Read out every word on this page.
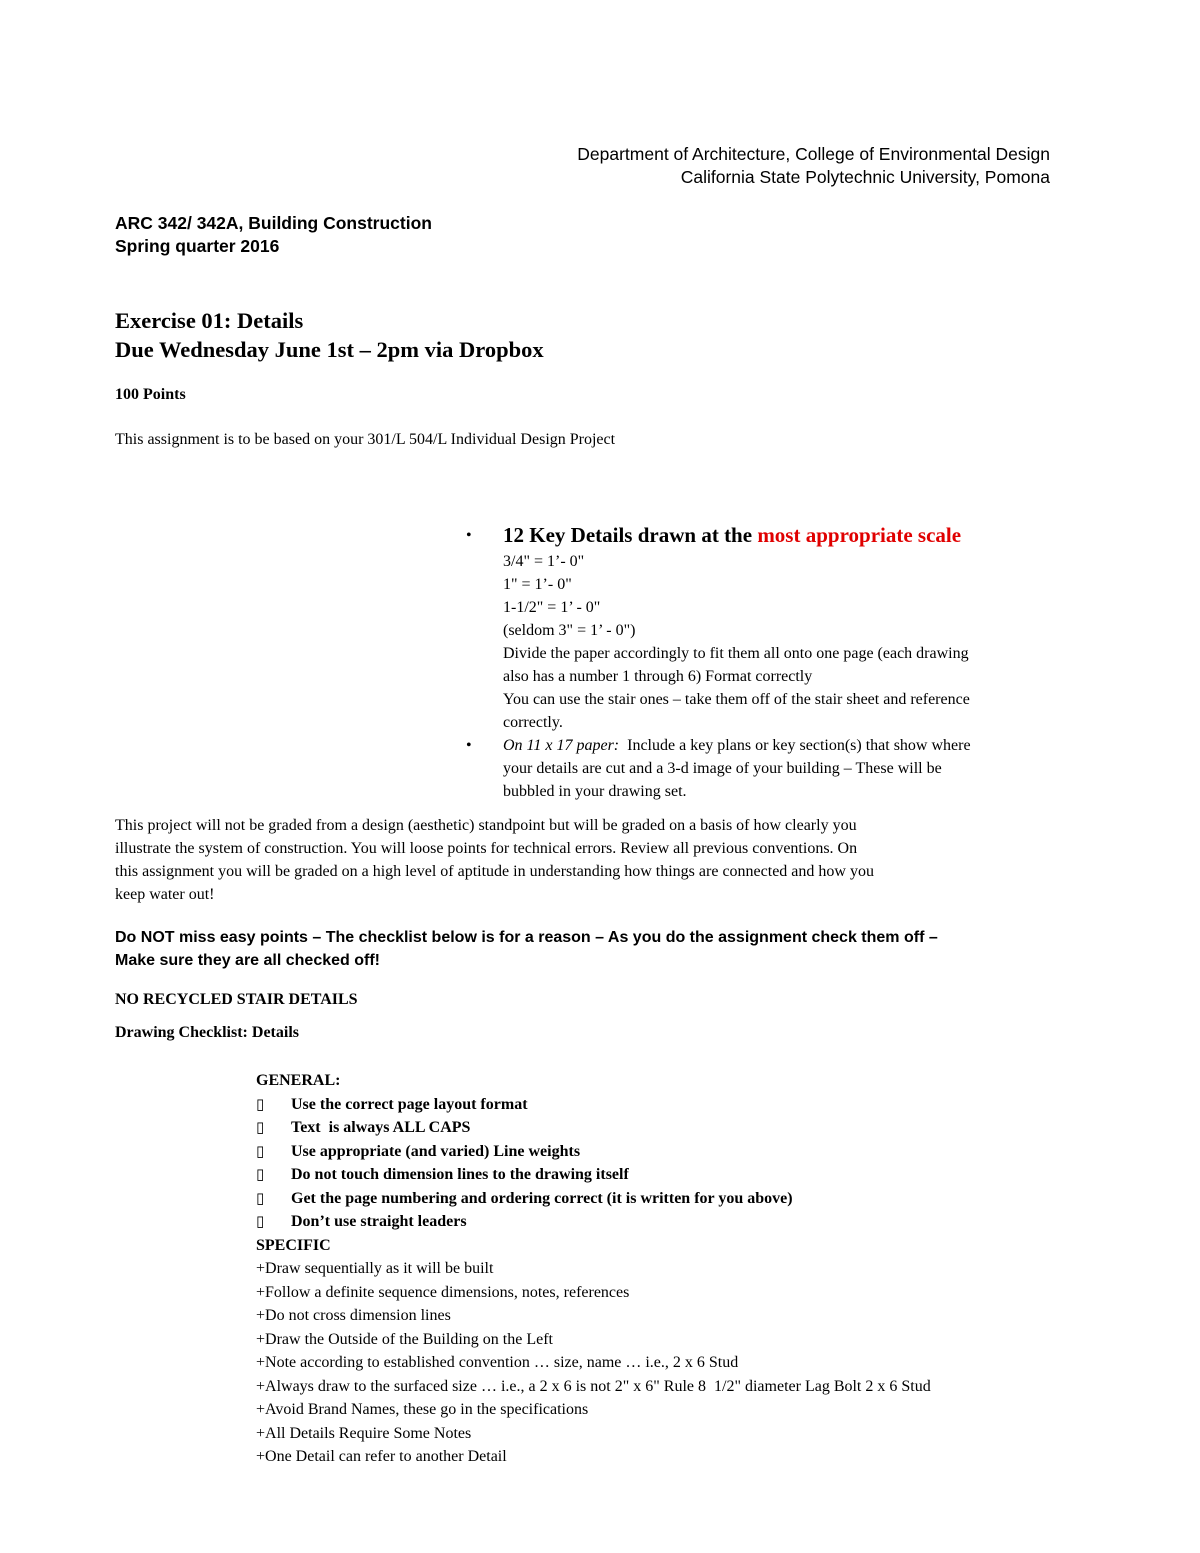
Department of Architecture, College of Environmental Design
California State Polytechnic University, Pomona
ARC 342/ 342A, Building Construction
Spring quarter 2016
Exercise 01: Details
Due Wednesday June 1st – 2pm via Dropbox
100 Points
This assignment is to be based on your 301/L 504/L Individual Design Project
• 12 Key Details drawn at the most appropriate scale
3/4" = 1’- 0"
1" = 1’- 0"
1-1/2" = 1’ - 0"
(seldom 3" = 1’ - 0")
Divide the paper accordingly to fit them all onto one page (each drawing
also has a number 1 through 6) Format correctly
You can use the stair ones – take them off of the stair sheet and reference
correctly.
• On 11 x 17 paper:  Include a key plans or key section(s) that show where
your details are cut and a 3-d image of your building – These will be
bubbled in your drawing set.
This project will not be graded from a design (aesthetic) standpoint but will be graded on a basis of how clearly you
illustrate the system of construction. You will loose points for technical errors. Review all previous conventions. On
this assignment you will be graded on a high level of aptitude in understanding how things are connected and how you
keep water out!
Do NOT miss easy points – The checklist below is for a reason – As you do the assignment check them off –
Make sure they are all checked off!
NO RECYCLED STAIR DETAILS
Drawing Checklist: Details
GENERAL:
▯ Use the correct page layout format
▯ Text  is always ALL CAPS
▯ Use appropriate (and varied) Line weights
▯ Do not touch dimension lines to the drawing itself
▯ Get the page numbering and ordering correct (it is written for you above)
▯ Don’t use straight leaders
SPECIFIC
+Draw sequentially as it will be built
+Follow a definite sequence dimensions, notes, references
+Do not cross dimension lines
+Draw the Outside of the Building on the Left
+Note according to established convention … size, name … i.e., 2 x 6 Stud
+Always draw to the surfaced size … i.e., a 2 x 6 is not 2" x 6" Rule 8  1/2" diameter Lag Bolt 2 x 6 Stud
+Avoid Brand Names, these go in the specifications
+All Details Require Some Notes
+One Detail can refer to another Detail
